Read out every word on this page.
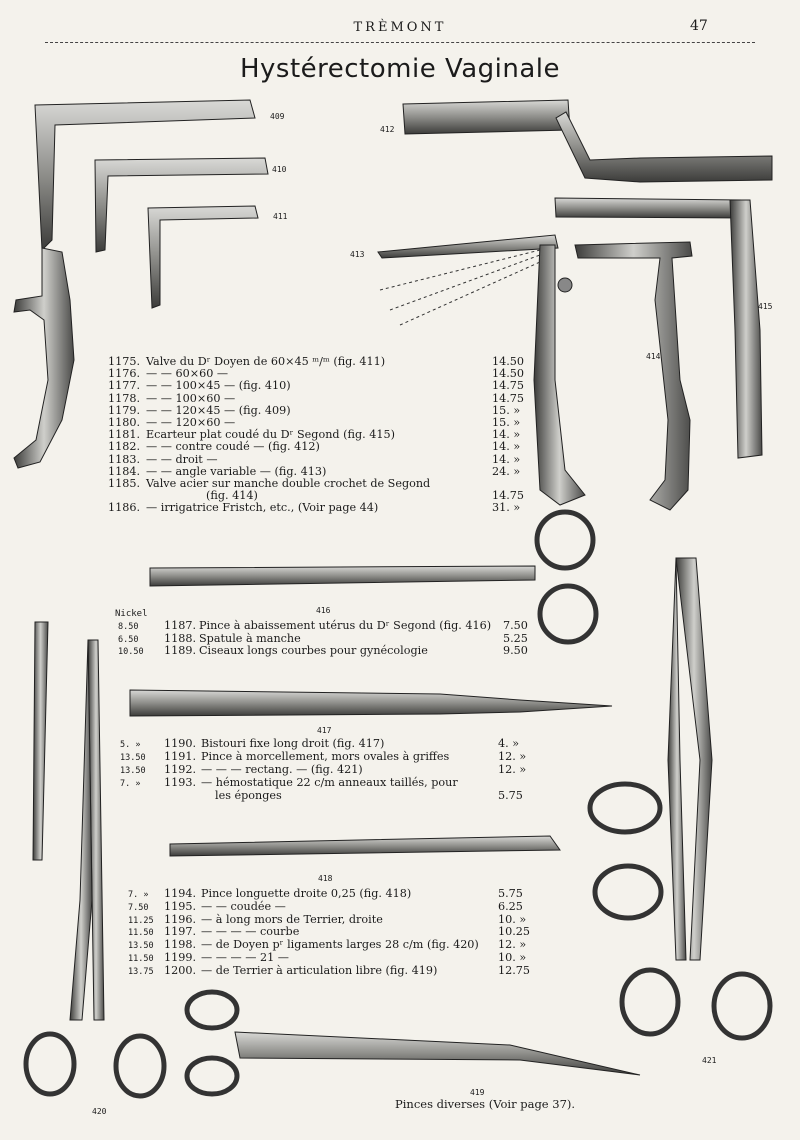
TRÈMONT	47
Hystérectomie Vaginale
409
410
411
412
413
414
415
416
417
418
419
420
421
1175. Valve du Dʳ Doyen de 60×45 ᵐ/ᵐ (fig. 411)	14.50
1176. — — 60×60 —	14.50
1177. — — 100×45 — (fig. 410)	14.75
1178. — — 100×60 —	14.75
1179. — — 120×45 — (fig. 409)	15. »
1180. — — 120×60 —	15. »
1181. Ecarteur plat coudé du Dʳ Segond (fig. 415)	14. »
1182. — — contre coudé — (fig. 412)	14. »
1183. — — droit —	14. »
1184. — — angle variable — (fig. 413)	24. »
1185. Valve acier sur manche double crochet de Segond
(fig. 414)	14.75
1186. — irrigatrice Fristch, etc., (Voir page 44)	31. »
Nickel
8.50 1187. Pince à abaissement utérus du Dʳ Segond (fig. 416) 7.50
6.50 1188. Spatule à manche	5.25
10.50 1189. Ciseaux longs courbes pour gynécologie	9.50
5. » 1190. Bistouri fixe long droit (fig. 417)	4. »
13.50 1191. Pince à morcellement, mors ovales à griffes	12. »
13.50 1192. — — — rectang. — (fig. 421)	12. »
7. » 1193. — hémostatique 22 c/m anneaux taillés, pour
les éponges	5.75
7. » 1194. Pince longuette droite 0,25 (fig. 418)	5.75
7.50 1195. — — coudée —	6.25
11.25 1196. — à long mors de Terrier, droite	10. »
11.50 1197. — — — — courbe	10.25
13.50 1198. — de Doyen pʳ ligaments larges 28 c/m (fig. 420) 12. »
11.50 1199. — — — — 21 —	10. »
13.75 1200. — de Terrier à articulation libre (fig. 419)	12.75
Pinces diverses (Voir page 37).
